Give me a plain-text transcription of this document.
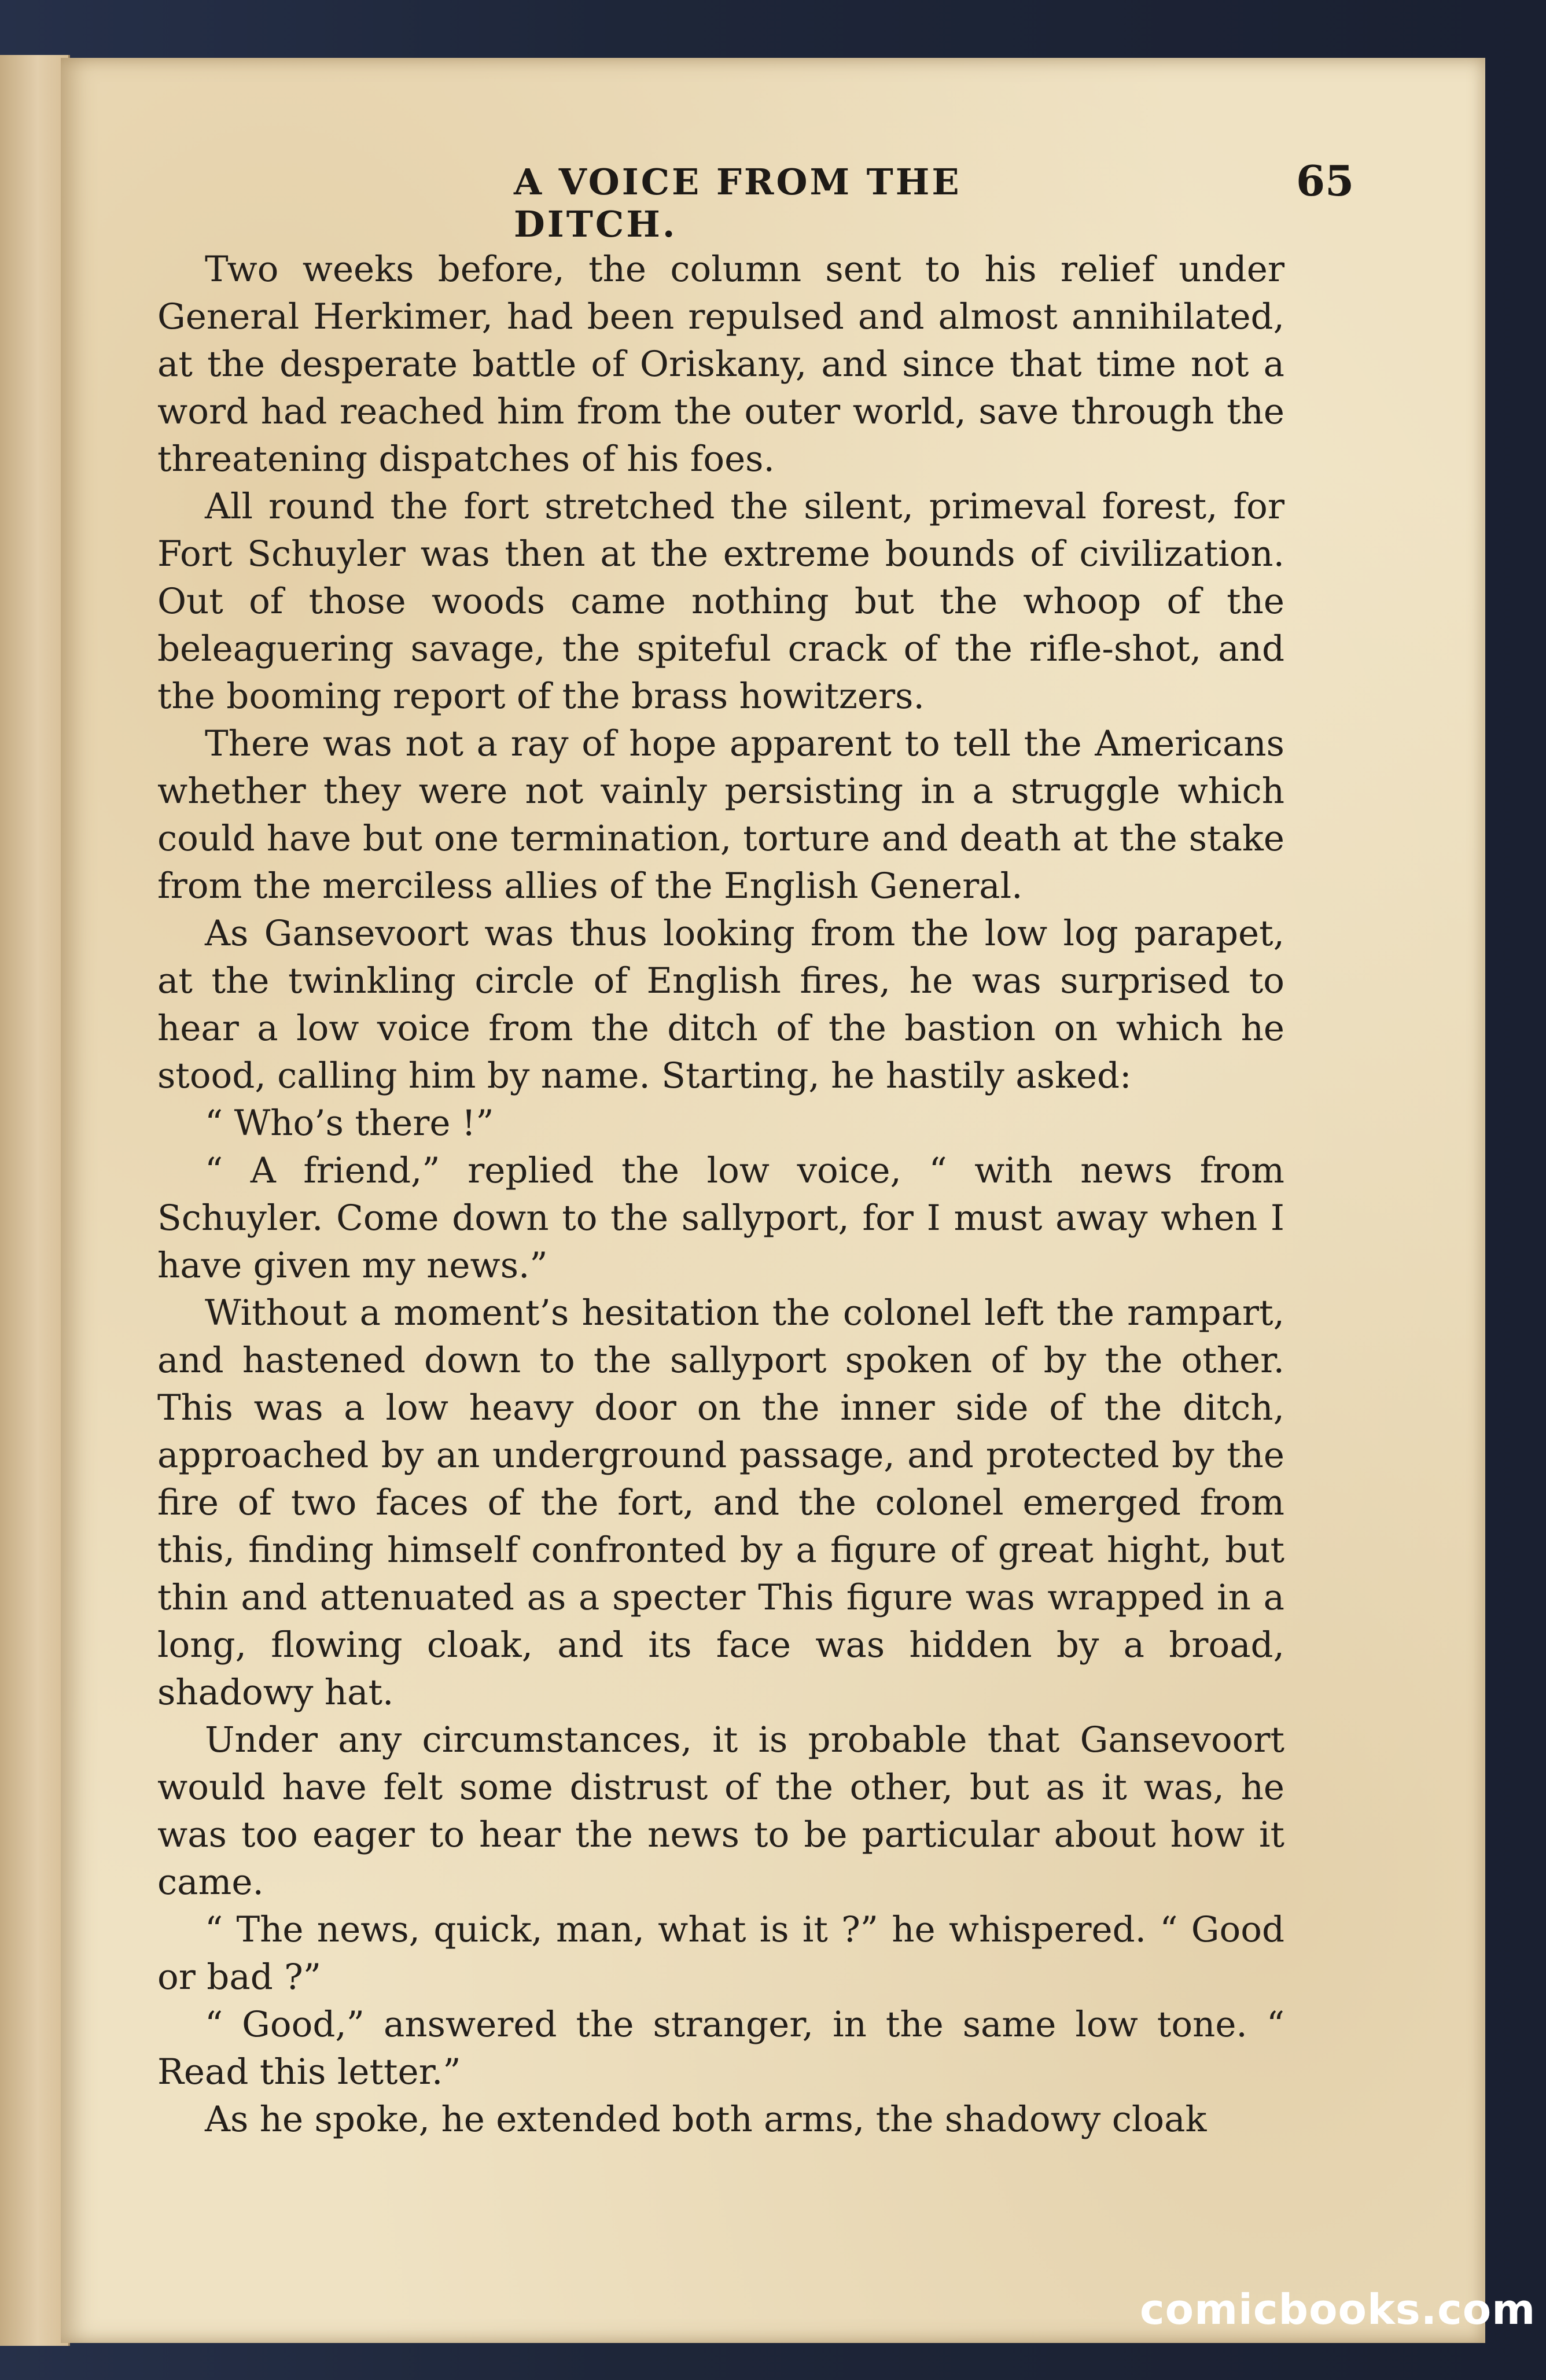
A VOICE FROM THE DITCH.
65

Two weeks before, the column sent to his relief under General Herkimer, had been repulsed and almost annihilated, at the desperate battle of Oriskany, and since that time not a word had reached him from the outer world, save through the threatening dispatches of his foes.

All round the fort stretched the silent, primeval forest, for Fort Schuyler was then at the extreme bounds of civilization. Out of those woods came nothing but the whoop of the beleaguering savage, the spiteful crack of the rifle-shot, and the booming report of the brass howitzers.

There was not a ray of hope apparent to tell the Americans whether they were not vainly persisting in a struggle which could have but one termination, torture and death at the stake from the merciless allies of the English General.

As Gansevoort was thus looking from the low log parapet, at the twinkling circle of English fires, he was surprised to hear a low voice from the ditch of the bastion on which he stood, calling him by name. Starting, he hastily asked:

“ Who’s there !”

“ A friend,” replied the low voice, “ with news from Schuyler. Come down to the sallyport, for I must away when I have given my news.”

Without a moment’s hesitation the colonel left the rampart, and hastened down to the sallyport spoken of by the other. This was a low heavy door on the inner side of the ditch, approached by an underground passage, and protected by the fire of two faces of the fort, and the colonel emerged from this, finding himself confronted by a figure of great hight, but thin and attenuated as a specter This figure was wrapped in a long, flowing cloak, and its face was hidden by a broad, shadowy hat.

Under any circumstances, it is probable that Gansevoort would have felt some distrust of the other, but as it was, he was too eager to hear the news to be particular about how it came.

“ The news, quick, man, what is it ?” he whispered. “ Good or bad ?”

“ Good,” answered the stranger, in the same low tone. “ Read this letter.”

As he spoke, he extended both arms, the shadowy cloak

comicbooks.com
